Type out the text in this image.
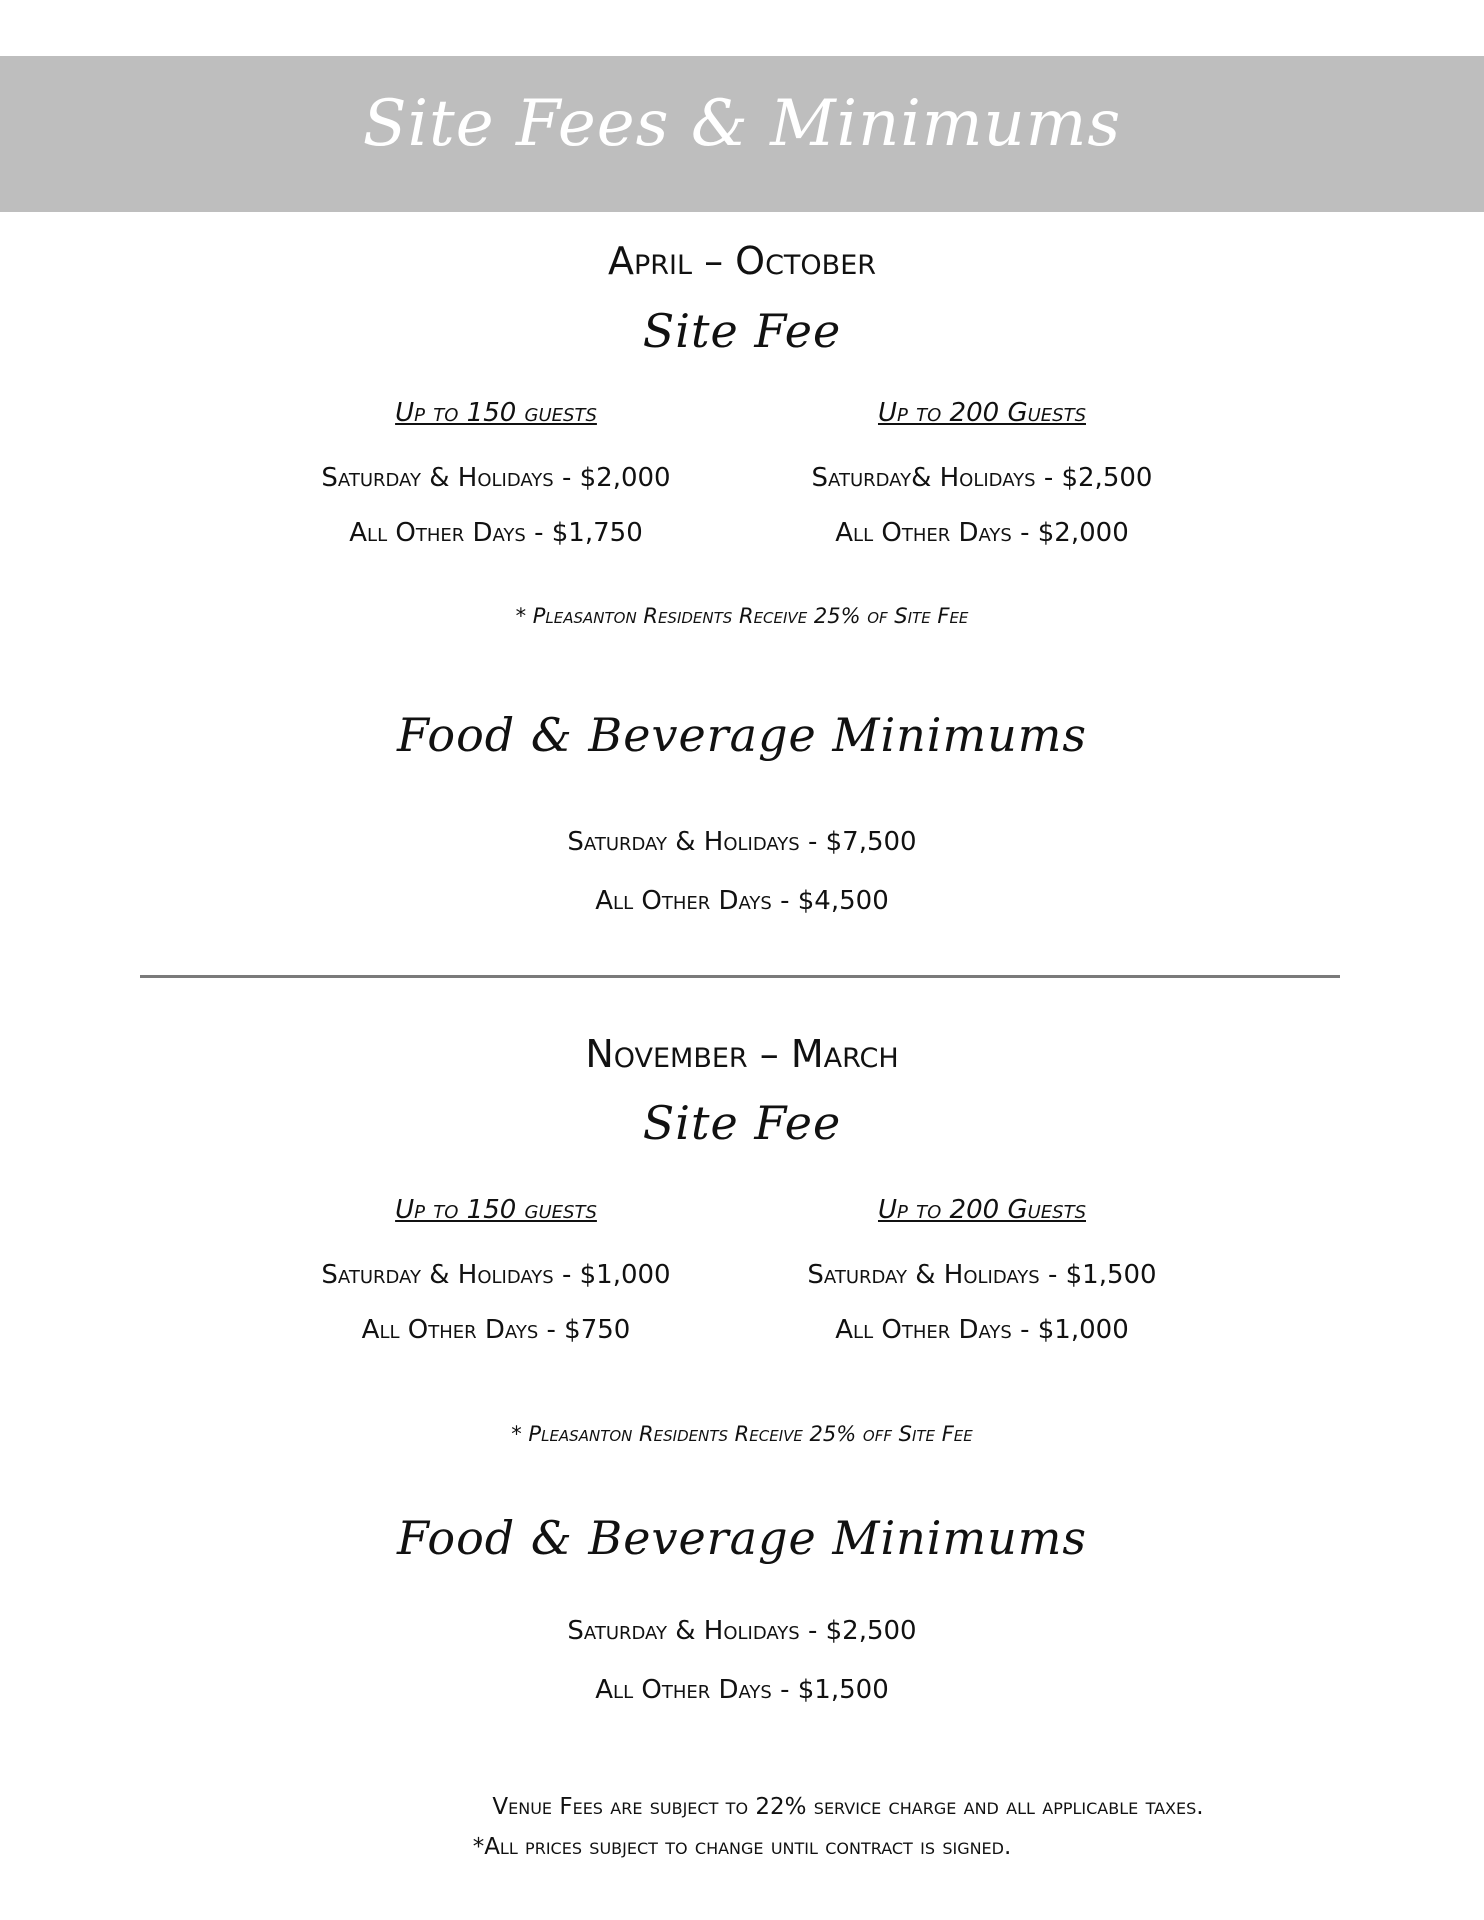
Site Fees & Minimums
April – October
Site Fee

Up to 150 guests	Up to 200 Guests

Saturday & Holidays - $2,000	Saturday& Holidays - $2,500

All Other Days - $1,750	All Other Days - $2,000

* Pleasanton Residents Receive 25% of Site Fee

Food & Beverage Minimums

Saturday & Holidays - $7,500

All Other Days - $4,500

November – March
Site Fee

Up to 150 guests	Up to 200 Guests

Saturday & Holidays - $1,000	Saturday & Holidays - $1,500

All Other Days - $750	All Other Days - $1,000

* Pleasanton Residents Receive 25% off Site Fee

Food & Beverage Minimums

Saturday & Holidays - $2,500

All Other Days - $1,500

Venue Fees are subject to 22% service charge and all applicable taxes.

*All prices subject to change until contract is signed.
